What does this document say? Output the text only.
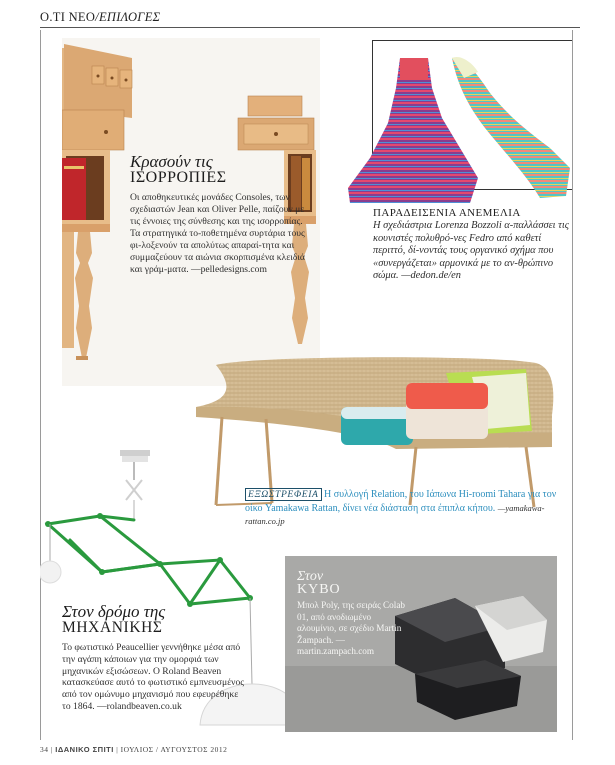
Ο.ΤΙ ΝΕΟ/ΕΠΙΛΟΓΕΣ
Κρασούν τις
ΙΣΟΡΡΟΠΙΕΣ

Οι αποθηκευτικές μονάδες Consoles, των σχεδιαστών Jean και Oliver Pelle, παίζουν με τις έννοιες της σύνθεσης και της ισορροπίας. Τα στρατηγικά το-ποθετημένα συρτάρια τους φι-λοξενούν τα απολύτως απαραί-τητα και συμμαζεύουν τα αιώνια σκορπισμένα κλειδιά και γράμ-ματα. —pelledesigns.com

ΠΑΡΑΔΕΙΣΕΝΙΑ ΑΝΕΜΕΛΙΑ

Η σχεδιάστρια Lorenza Bozzoli α-παλλάσσει τις κουνιστές πολυθρό-νες Fedro από καθετί περιττό, δί-νοντάς τους οργανικό σχήμα που «συνεργάζεται» αρμονικά με το αν-θρώπινο σώμα. —dedon.de/en

ΕΞΩΣΤΡΕΦΕΙΑ Η συλλογή Relation, του Ιάπωνα Hi-roomi Tahara για τον οίκο Yamakawa Rattan, δίνει νέα διάσταση στα έπιπλα κήπου. —yamakawa-rattan.co.jp
Στον δρόμο της
ΜΗΧΑΝΙΚΗΣ

Το φωτιστικό Peaucellier γεννήθηκε μέσα από την αγάπη κάποιων για την ομορφιά των μηχανικών εξισώσεων. Ο Roland Beaven κατασκεύασε αυτό το φωτιστικό εμπνευσμένος από τον ομώνυμο μηχανισμό που εφευρέθηκε το 1864. —rolandbeaven.co.uk

Στον
ΚΥΒΟ

Μπολ Poly, της σειράς Colab 01, από ανοδιωμένο αλουμίνιο, σε σχέδιο Martin Žampach. —martin.zampach.com

34 | ΙΔΑΝΙΚΟ ΣΠΙΤΙ | ΙΟΥΛΙΟΣ / ΑΥΓΟΥΣΤΟΣ 2012
